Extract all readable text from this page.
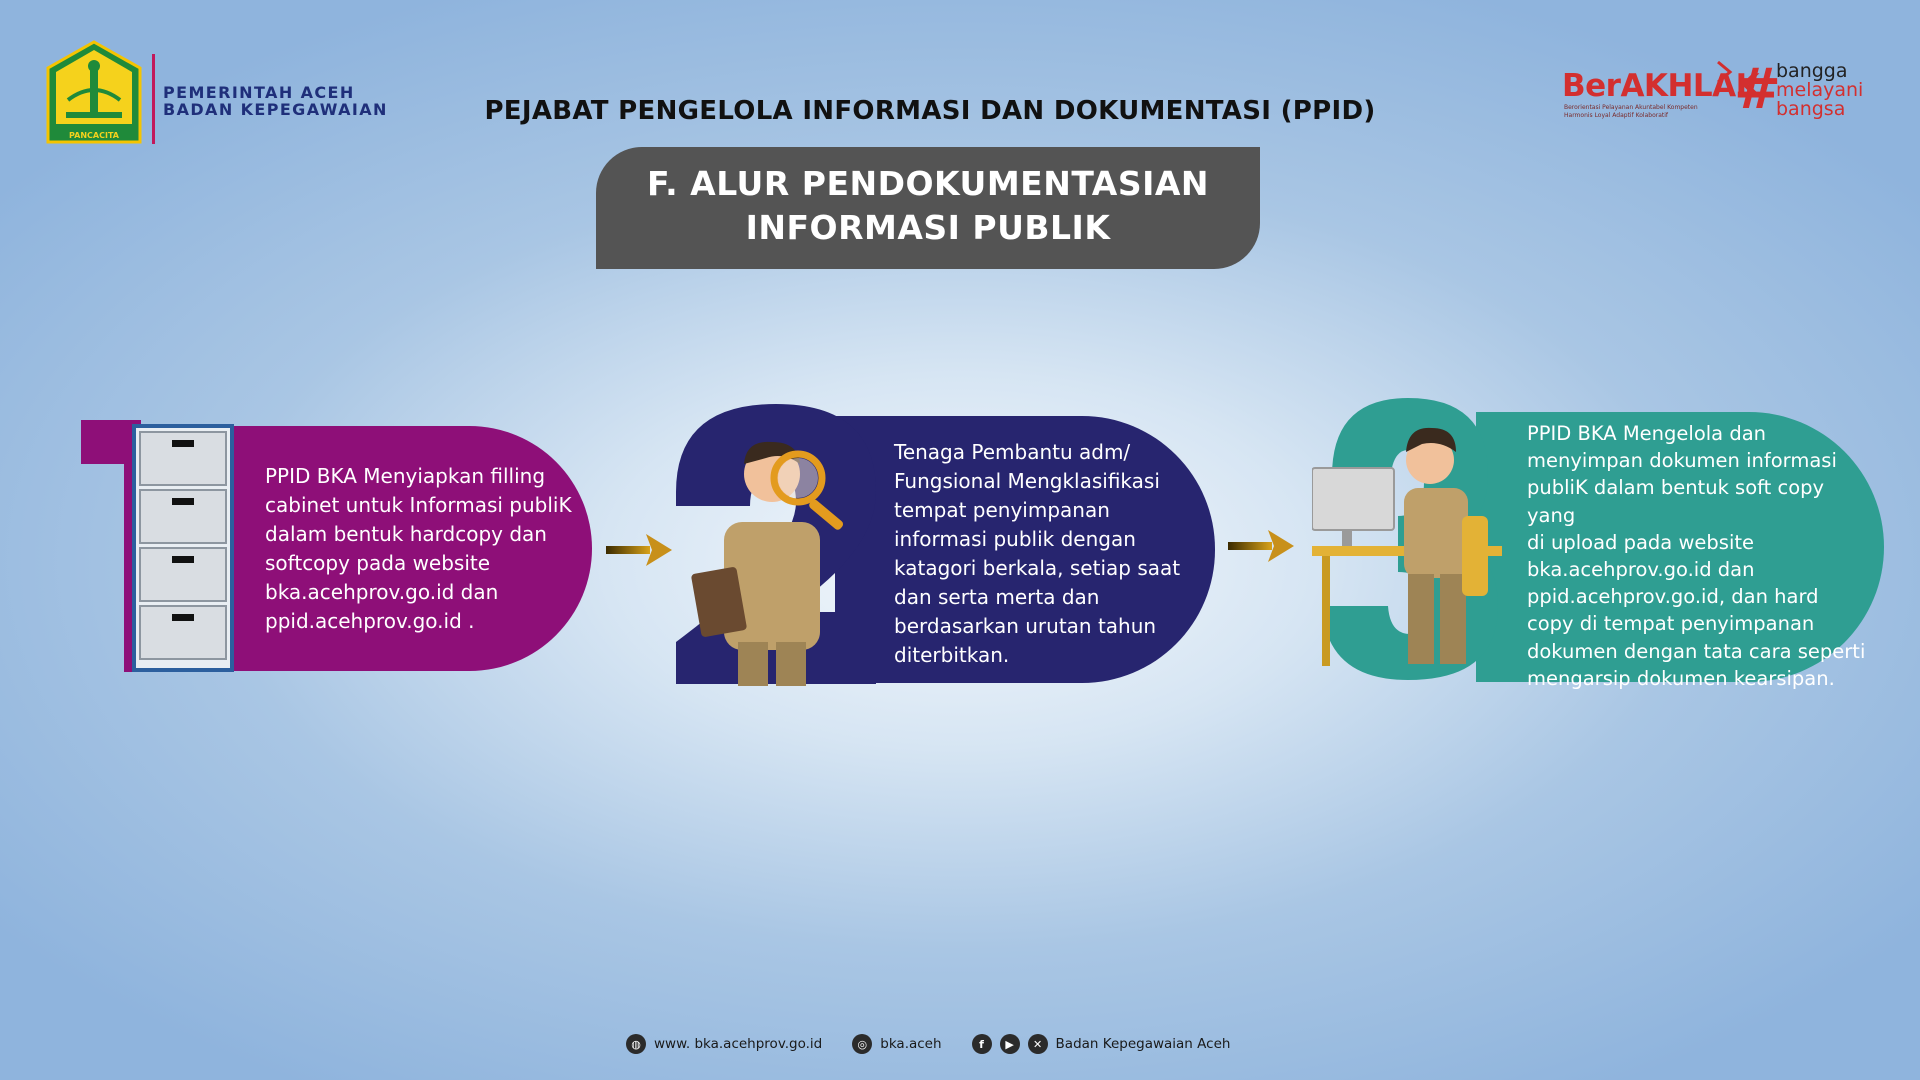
PANCACITA
PEMERINTAH ACEH
BADAN KEPEGAWAIAN	PEJABAT PENGELOLA INFORMASI DAN DOKUMENTASI (PPID)
BerAKHLAK
Berorientasi Pelayanan Akuntabel Kompeten
Harmonis Loyal Adaptif Kolaboratif	#
bangga
melayani
bangsa
F. ALUR PENDOKUMENTASIAN
INFORMASI PUBLIK
PPID BKA Menyiapkan filling
cabinet untuk Informasi publiK
dalam bentuk hardcopy dan
softcopy pada website
bka.acehprov.go.id dan
ppid.acehprov.go.id .
Tenaga Pembantu adm/
Fungsional Mengklasifikasi
tempat penyimpanan
informasi publik dengan
katagori berkala, setiap saat
dan serta merta dan
berdasarkan urutan tahun
diterbitkan.
PPID BKA Mengelola dan
menyimpan dokumen informasi
publiK dalam bentuk soft copy yang
di upload pada website
bka.acehprov.go.id dan
ppid.acehprov.go.id, dan hard
copy di tempat penyimpanan
dokumen dengan tata cara seperti
mengarsip dokumen kearsipan.
◍ www. bka.acehprov.go.id	◎ bka.aceh	f	▶	✕ Badan Kepegawaian Aceh
